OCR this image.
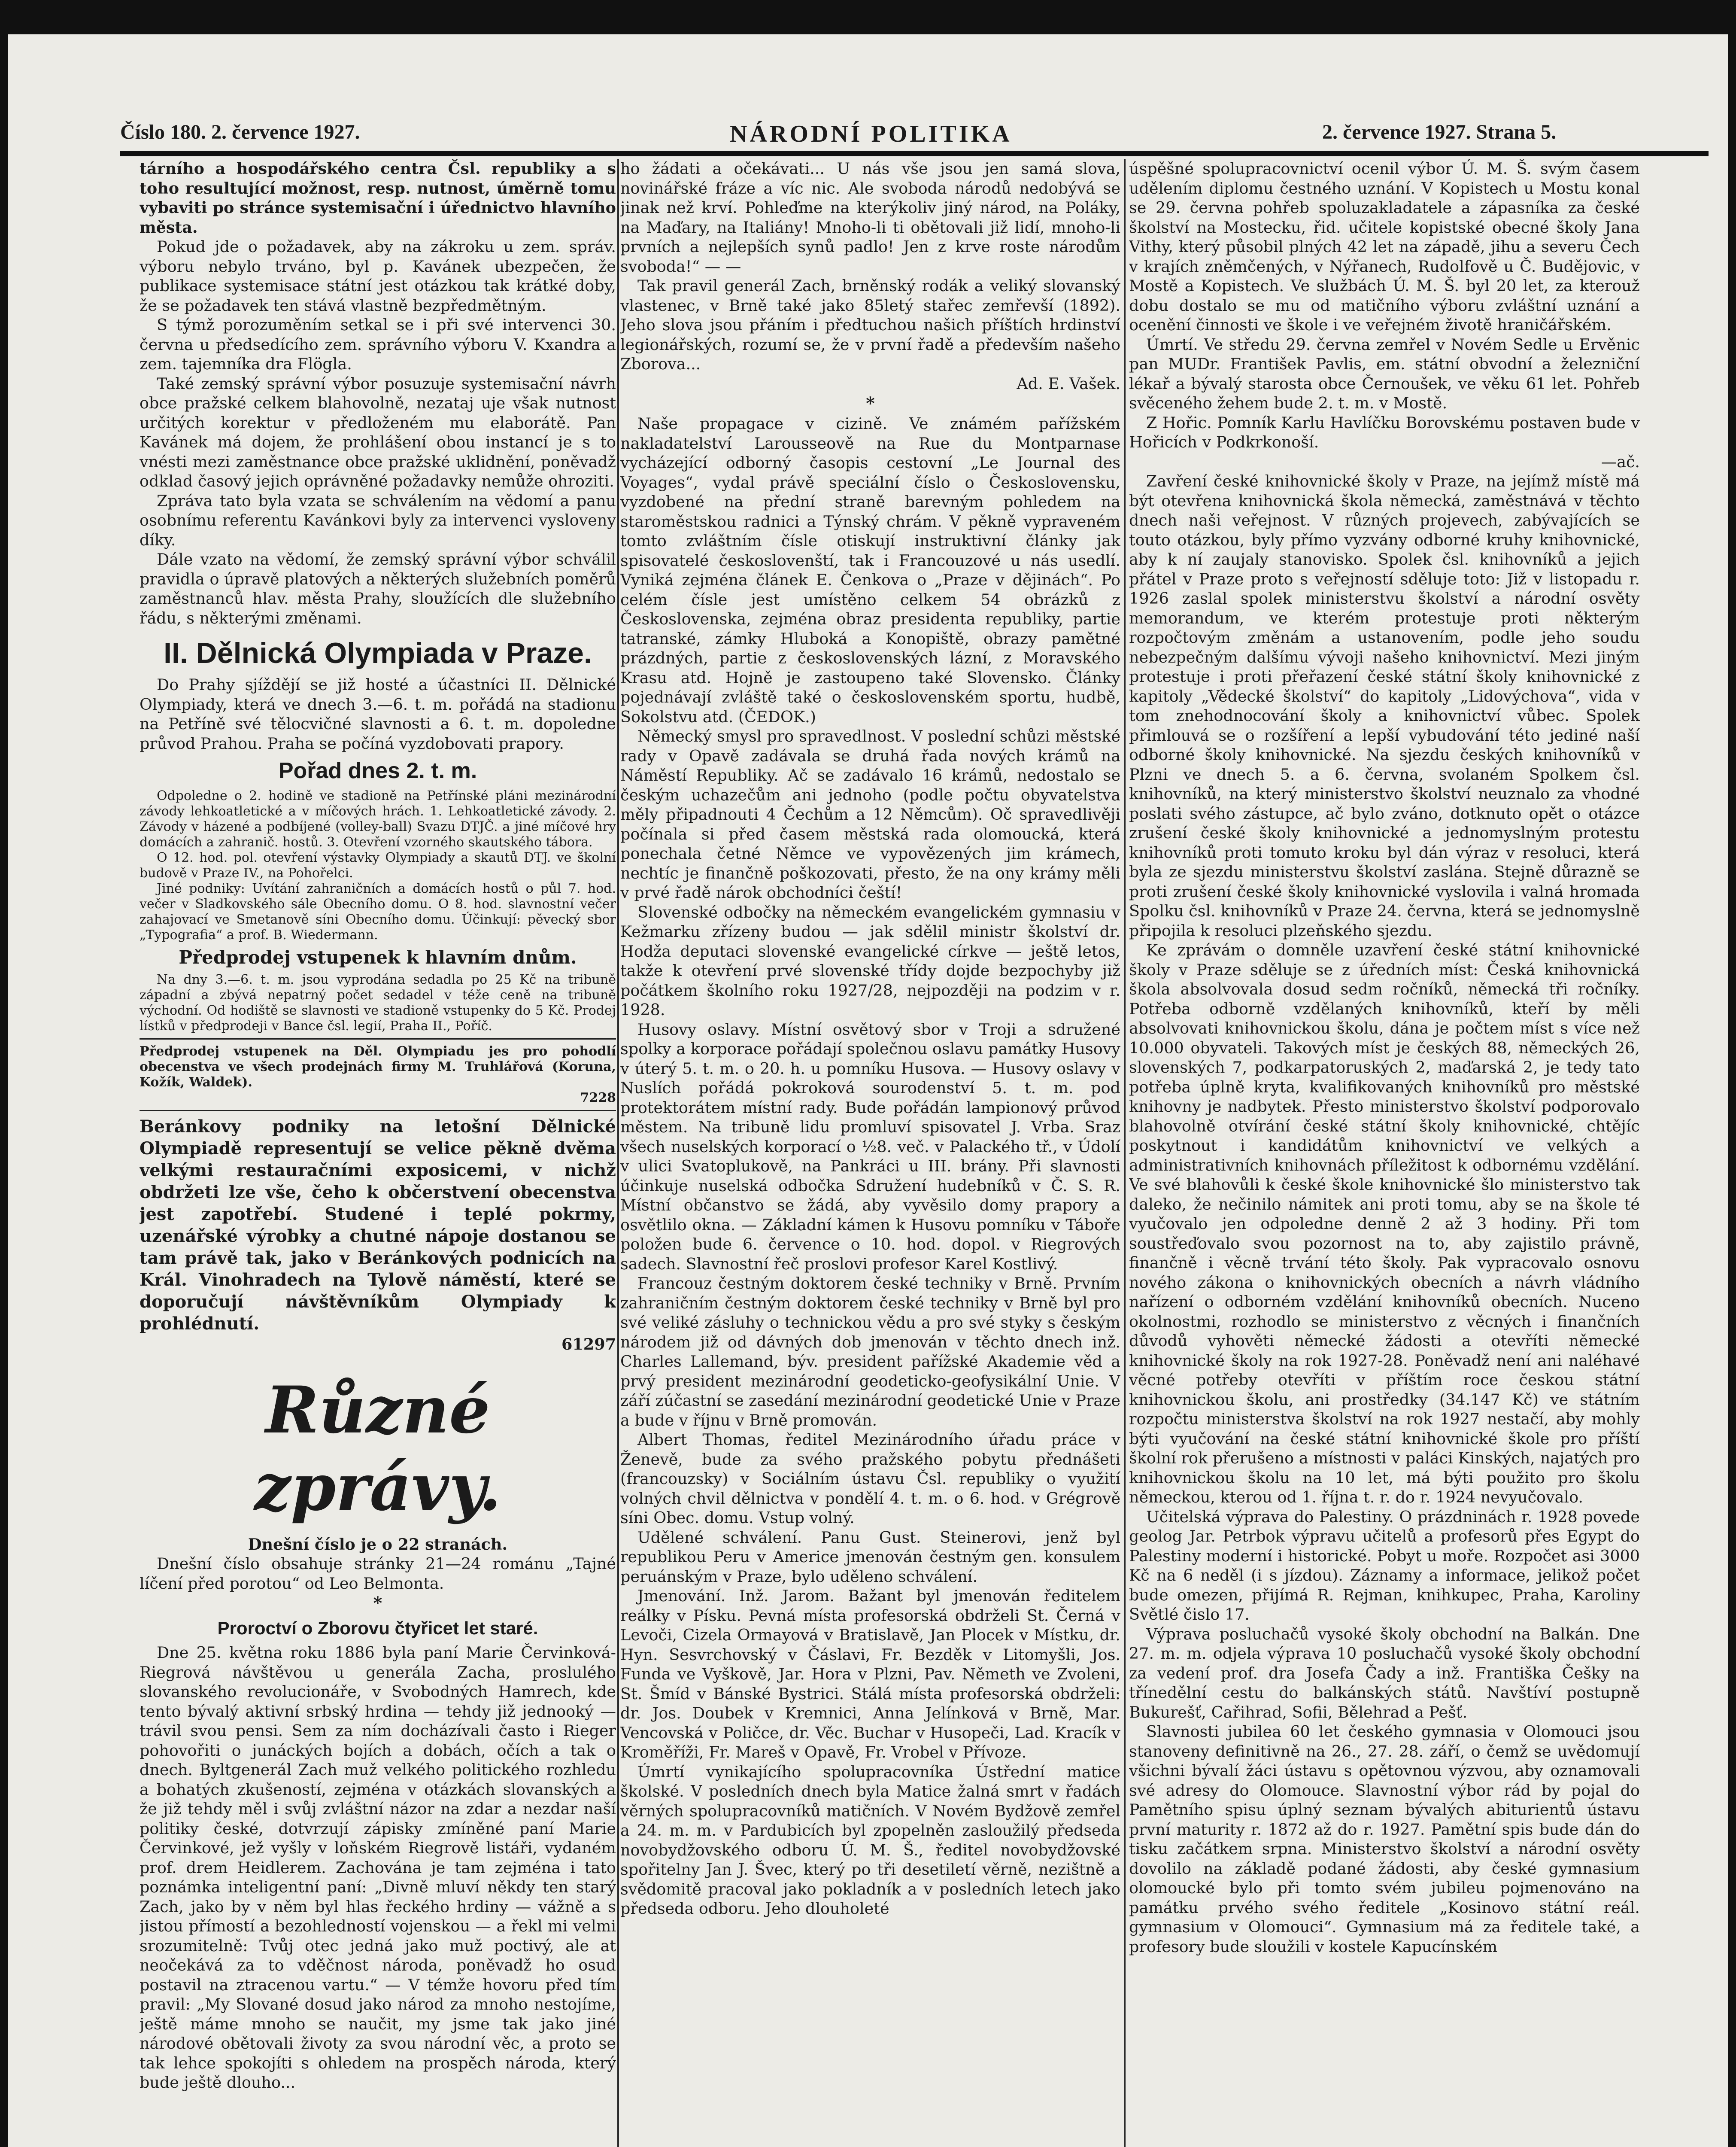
Číslo 180. 2. července 1927.	NÁRODNÍ POLITIKA	2. července 1927. Strana 5.

tárního a hospodářského centra Čsl. republiky a s toho resultující možnost, resp. nutnost, úměrně tomu vybaviti po stránce systemisační i úřednictvo hlavního města.

Pokud jde o požadavek, aby na zákroku u zem. správ. výboru nebylo trváno, byl p. Kavánek ubezpečen, že publikace systemisace státní jest otázkou tak krátké doby, že se požadavek ten stává vlastně bezpředmětným.

S týmž porozuměním setkal se i při své intervenci 30. června u předsedícího zem. správního výboru V. Kxandra a zem. tajemníka dra Flögla.

Také zemský správní výbor posuzuje systemisační návrh obce pražské celkem blahovolně, nezataj uje však nutnost určitých korektur v předloženém mu elaborátě. Pan Kavánek má dojem, že prohlášení obou instancí je s to vnésti mezi zaměstnance obce pražské uklidnění, poněvadž odklad časový jejich oprávněné požadavky nemůže ohroziti.

Zpráva tato byla vzata se schválením na vědomí a panu osobnímu referentu Kavánkovi byly za intervenci vysloveny díky.

Dále vzato na vědomí, že zemský správní výbor schválil pravidla o úpravě platových a některých služebních poměrů zaměstnanců hlav. města Prahy, sloužících dle služebního řádu, s některými změnami.

II. Dělnická Olympiada v Praze.

Do Prahy sjíždějí se již hosté a účastníci II. Dělnické Olympiady, která ve dnech 3.—6. t. m. pořádá na stadionu na Petříně své tělocvičné slavnosti a 6. t. m. dopoledne průvod Prahou. Praha se počíná vyzdobovati prapory.

Pořad dnes 2. t. m.

Odpoledne o 2. hodině ve stadioně na Petřínské pláni mezinárodní závody lehkoatletické a v míčových hrách. 1. Lehkoatletické závody. 2. Závody v házené a podbíjené (volley-ball) Svazu DTJČ. a jiné míčové hry domácích a zahranič. hostů. 3. Otevření vzorného skautského tábora.

O 12. hod. pol. otevření výstavky Olympiady a skautů DTJ. ve školní budově v Praze IV., na Pohořelci.

Jiné podniky: Uvítání zahraničních a domácích hostů o půl 7. hod. večer v Sladkovského sále Obecního domu. O 8. hod. slavnostní večer zahajovací ve Smetanově síni Obecního domu. Účinkují: pěvecký sbor „Typografia“ a prof. B. Wiedermann.

Předprodej vstupenek k hlavním dnům.

Na dny 3.—6. t. m. jsou vyprodána sedadla po 25 Kč na tribuně západní a zbývá nepatrný počet sedadel v téže ceně na tribuně východní. Od hodiště se slavnosti ve stadioně vstupenky do 5 Kč. Prodej lístků v předprodeji v Bance čsl. legií, Praha II., Poříč.

Předprodej vstupenek na Děl. Olympiadu jes pro pohodlí obecenstva ve všech prodejnách firmy M. Truhlářová (Koruna, Kožík, Waldek).

7228

Beránkovy podniky na letošní Dělnické Olympiadě representují se velice pěkně dvěma velkými restauračními exposicemi, v nichž obdržeti lze vše, čeho k občerstvení obecenstva jest zapotřebí. Studené i teplé pokrmy, uzenářské výrobky a chutné nápoje dostanou se tam právě tak, jako v Beránkových podnicích na Král. Vinohradech na Tylově náměstí, které se doporučují návštěvníkům Olympiady k prohlédnutí.

61297

Různé zprávy.

Dnešní číslo je o 22 stranách.

Dnešní číslo obsahuje stránky 21—24 románu „Tajné líčení před porotou“ od Leo Belmonta.

*

Proroctví o Zborovu čtyřicet let staré.

Dne 25. května roku 1886 byla paní Marie Červinková-Riegrová návštěvou u generála Zacha, proslulého slovanského revolucionáře, v Svobodných Hamrech, kde tento bývalý aktivní srbský hrdina — tehdy již jednooký — trávil svou pensi. Sem za ním docházívali často i Rieger pohovořiti o junáckých bojích a dobách, očích a tak o dnech. Byltgenerál Zach muž velkého politického rozhledu a bohatých zkušeností, zejména v otázkách slovanských a že již tehdy měl i svůj zvláštní názor na zdar a nezdar naší politiky české, dotvrzují zápisky zmíněné paní Marie Červinkové, jež vyšly v loňském Riegrově listáři, vydaném prof. drem Heidlerem. Zachována je tam zejména i tato poznámka inteligentní paní: „Divně mluví někdy ten starý Zach, jako by v něm byl hlas řeckého hrdiny — vážně a s jistou přímostí a bezohledností vojenskou — a řekl mi velmi srozumitelně: Tvůj otec jedná jako muž poctivý, ale at neočekává za to vděčnost národa, poněvadž ho osud postavil na ztracenou vartu.“ — V témže hovoru před tím pravil: „My Slované dosud jako národ za mnoho nestojíme, ještě máme mnoho se naučit, my jsme tak jako jiné národové obětovali životy za svou národní věc, a proto se tak lehce spokojíti s ohledem na prospěch národa, který bude ještě dlouho...

ho žádati a očekávati... U nás vše jsou jen samá slova, novinářské fráze a víc nic. Ale svoboda národů nedobývá se jinak než krví. Pohleďme na kterýkoliv jiný národ, na Poláky, na Maďary, na Italiány! Mnoho-li ti obětovali již lidí, mnoho-li prvních a nejlepších synů padlo! Jen z krve roste národům svoboda!“ — —

Tak pravil generál Zach, brněnský rodák a veliký slovanský vlastenec, v Brně také jako 85letý stařec zemřevší (1892). Jeho slova jsou přáním i předtuchou našich příštích hrdinství legionářských, rozumí se, že v první řadě a především našeho Zborova...

Ad. E. Vašek.

*

Naše propagace v cizině. Ve známém pařížském nakladatelství Larousseově na Rue du Montparnase vycházející odborný časopis cestovní „Le Journal des Voyages“, vydal právě speciální číslo o Československu, vyzdobené na přední straně barevným pohledem na staroměstskou radnici a Týnský chrám. V pěkně vypraveném tomto zvláštním čísle otiskují instruktivní články jak spisovatelé českoslovenští, tak i Francouzové u nás usedlí. Vyniká zejména článek E. Čenkova o „Praze v dějinách“. Po celém čísle jest umístěno celkem 54 obrázků z Československa, zejména obraz presidenta republiky, partie tatranské, zámky Hluboká a Konopiště, obrazy pamětné prázdných, partie z československých lázní, z Moravského Krasu atd. Hojně je zastoupeno také Slovensko. Články pojednávají zvláště také o československém sportu, hudbě, Sokolstvu atd. (ČEDOK.)

Německý smysl pro spravedlnost. V poslední schůzi městské rady v Opavě zadávala se druhá řada nových krámů na Náměstí Republiky. Ač se zadávalo 16 krámů, nedostalo se českým uchazečům ani jednoho (podle počtu obyvatelstva měly připadnouti 4 Čechům a 12 Němcům). Oč spravedlivěji počínala si před časem městská rada olomoucká, která ponechala četné Němce ve vypovězených jim krámech, nechtíc je finančně poškozovati, přesto, že na ony krámy měli v prvé řadě nárok obchodníci čeští!

Slovenské odbočky na německém evangelickém gymnasiu v Kežmarku zřízeny budou — jak sdělil ministr školství dr. Hodža deputaci slovenské evangelické církve — ještě letos, takže k otevření prvé slovenské třídy dojde bezpochyby již počátkem školního roku 1927/28, nejpozději na podzim v r. 1928.

Husovy oslavy. Místní osvětový sbor v Troji a sdružené spolky a korporace pořádají společnou oslavu památky Husovy v úterý 5. t. m. o 20. h. u pomníku Husova. — Husovy oslavy v Nuslích pořádá pokroková sourodenství 5. t. m. pod protektorátem místní rady. Bude pořádán lampionový průvod městem. Na tribuně lidu promluví spisovatel J. Vrba. Sraz všech nuselských korporací o ½8. več. v Palackého tř., v Údolí v ulici Svatoplukově, na Pankráci u III. brány. Při slavnosti účinkuje nuselská odbočka Sdružení hudebníků v Č. S. R. Místní občanstvo se žádá, aby vyvěsilo domy prapory a osvětlilo okna. — Základní kámen k Husovu pomníku v Táboře položen bude 6. července o 10. hod. dopol. v Riegrových sadech. Slavnostní řeč proslovi profesor Karel Kostlivý.

Francouz čestným doktorem české techniky v Brně. Prvním zahraničním čestným doktorem české techniky v Brně byl pro své veliké zásluhy o technickou vědu a pro své styky s českým národem již od dávných dob jmenován v těchto dnech inž. Charles Lallemand, býv. president pařížské Akademie věd a prvý president mezinárodní geodeticko-geofysikální Unie. V září zúčastní se zasedání mezinárodní geodetické Unie v Praze a bude v říjnu v Brně promován.

Albert Thomas, ředitel Mezinárodního úřadu práce v Ženevě, bude za svého pražského pobytu přednášeti (francouzsky) v Sociálním ústavu Čsl. republiky o využití volných chvil dělnictva v pondělí 4. t. m. o 6. hod. v Grégrově síni Obec. domu. Vstup volný.

Udělené schválení. Panu Gust. Steinerovi, jenž byl republikou Peru v Americe jmenován čestným gen. konsulem peruánským v Praze, bylo uděleno schválení.

Jmenování. Inž. Jarom. Bažant byl jmenován ředitelem reálky v Písku. Pevná místa profesorská obdrželi St. Černá v Levoči, Cizela Ormayová v Bratislavě, Jan Plocek v Místku, dr. Hyn. Sesvrchovský v Čáslavi, Fr. Bezděk v Litomyšli, Jos. Funda ve Vyškově, Jar. Hora v Plzni, Pav. Němeth ve Zvoleni, St. Šmíd v Bánské Bystrici. Stálá místa profesorská obdrželi: dr. Jos. Doubek v Kremnici, Anna Jelínková v Brně, Mar. Vencovská v Poličce, dr. Věc. Buchar v Husopeči, Lad. Kracík v Kroměříži, Fr. Mareš v Opavě, Fr. Vrobel v Přívoze.

Úmrtí vynikajícího spolupracovníka Ústřední matice školské. V posledních dnech byla Matice žalná smrt v řadách věrných spolupracovníků matičních. V Novém Bydžově zemřel a 24. m. m. v Pardubicích byl zpopelněn zasloužilý předseda novobydžovského odboru Ú. M. Š., ředitel novobydžovské spořitelny Jan J. Švec, který po tři desetiletí věrně, nezištně a svědomitě pracoval jako pokladník a v posledních letech jako předseda odboru. Jeho dlouholeté

úspěšné spolupracovnictví ocenil výbor Ú. M. Š. svým časem udělením diplomu čestného uznání. V Kopistech u Mostu konal se 29. června pohřeb spoluzakladatele a zápasníka za české školství na Mostecku, řid. učitele kopistské obecné školy Jana Vithy, který působil plných 42 let na západě, jihu a severu Čech v krajích zněmčených, v Nýřanech, Rudolfově u Č. Budějovic, v Mostě a Kopistech. Ve službách Ú. M. Š. byl 20 let, za kterouž dobu dostalo se mu od matičního výboru zvláštní uznání a ocenění činnosti ve škole i ve veřejném životě hraničářském.

Úmrtí. Ve středu 29. června zemřel v Novém Sedle u Ervěnic pan MUDr. František Pavlis, em. státní obvodní a železniční lékař a bývalý starosta obce Černoušek, ve věku 61 let. Pohřeb svěceného žehem bude 2. t. m. v Mostě.

Z Hořic. Pomník Karlu Havlíčku Borovskému postaven bude v Hořicích v Podkrkonoší.

—ač.

Zavření české knihovnické školy v Praze, na jejímž místě má být otevřena knihovnická škola německá, zaměstnává v těchto dnech naši veřejnost. V různých projevech, zabývajících se touto otázkou, byly přímo vyzvány odborné kruhy knihovnické, aby k ní zaujaly stanovisko. Spolek čsl. knihovníků a jejich přátel v Praze proto s veřejností sděluje toto: Již v listopadu r. 1926 zaslal spolek ministerstvu školství a národní osvěty memorandum, ve kterém protestuje proti některým rozpočtovým změnám a ustanovením, podle jeho soudu nebezpečným dalšímu vývoji našeho knihovnictví. Mezi jiným protestuje i proti přeřazení české státní školy knihovnické z kapitoly „Vědecké školství“ do kapitoly „Lidovýchova“, vida v tom znehodnocování školy a knihovnictví vůbec. Spolek přimlouvá se o rozšíření a lepší vybudování této jediné naší odborné školy knihovnické. Na sjezdu českých knihovníků v Plzni ve dnech 5. a 6. června, svolaném Spolkem čsl. knihovníků, na který ministerstvo školství neuznalo za vhodné poslati svého zástupce, ač bylo zváno, dotknuto opět o otázce zrušení české školy knihovnické a jednomyslným protestu knihovníků proti tomuto kroku byl dán výraz v resoluci, která byla ze sjezdu ministerstvu školství zaslána. Stejně důrazně se proti zrušení české školy knihovnické vyslovila i valná hromada Spolku čsl. knihovníků v Praze 24. června, která se jednomyslně připojila k resoluci plzeňského sjezdu.

Ke zprávám o domněle uzavření české státní knihovnické školy v Praze sděluje se z úředních míst: Česká knihovnická škola absolvovala dosud sedm ročníků, německá tři ročníky. Potřeba odborně vzdělaných knihovníků, kteří by měli absolvovati knihovnickou školu, dána je počtem míst s více než 10.000 obyvateli. Takových míst je českých 88, německých 26, slovenských 7, podkarpatoruských 2, maďarská 2, je tedy tato potřeba úplně kryta, kvalifikovaných knihovníků pro městské knihovny je nadbytek. Přesto ministerstvo školství podporovalo blahovolně otvírání české státní školy knihovnické, chtějíc poskytnout i kandidátům knihovnictví ve velkých a administrativních knihovnách příležitost k odbornému vzdělání. Ve své blahovůli k české škole knihovnické šlo ministerstvo tak daleko, že nečinilo námitek ani proti tomu, aby se na škole té vyučovalo jen odpoledne denně 2 až 3 hodiny. Při tom soustřeďovalo svou pozornost na to, aby zajistilo právně, finančně i věcně trvání této školy. Pak vypracovalo osnovu nového zákona o knihovnických obecních a návrh vládního nařízení o odborném vzdělání knihovníků obecních. Nuceno okolnostmi, rozhodlo se ministerstvo z věcných i finančních důvodů vyhověti německé žádosti a otevříti německé knihovnické školy na rok 1927-28. Poněvadž není ani naléhavé věcné potřeby otevříti v příštím roce českou státní knihovnickou školu, ani prostředky (34.147 Kč) ve státním rozpočtu ministerstva školství na rok 1927 nestačí, aby mohly býti vyučování na české státní knihovnické škole pro příští školní rok přerušeno a místnosti v paláci Kinských, najatých pro knihovnickou školu na 10 let, má býti použito pro školu německou, kterou od 1. října t. r. do r. 1924 nevyučovalo.

Učitelská výprava do Palestiny. O prázdninách r. 1928 povede geolog Jar. Petrbok výpravu učitelů a profesorů přes Egypt do Palestiny moderní i historické. Pobyt u moře. Rozpočet asi 3000 Kč na 6 neděl (i s jízdou). Záznamy a informace, jelikož počet bude omezen, přijímá R. Rejman, knihkupec, Praha, Karoliny Světlé čislo 17.

Výprava posluchačů vysoké školy obchodní na Balkán. Dne 27. m. m. odjela výprava 10 posluchačů vysoké školy obchodní za vedení prof. dra Josefa Čady a inž. Františka Češky na třínedělní cestu do balkánských států. Navštíví postupně Bukurešť, Cařihrad, Sofii, Bělehrad a Pešť.

Slavnosti jubilea 60 let českého gymnasia v Olomouci jsou stanoveny definitivně na 26., 27. 28. září, o čemž se uvědomují všichni bývalí žáci ústavu s opětovnou výzvou, aby oznamovali své adresy do Olomouce. Slavnostní výbor rád by pojal do Pamětního spisu úplný seznam bývalých abiturientů ústavu první maturity r. 1872 až do r. 1927. Pamětní spis bude dán do tisku začátkem srpna. Ministerstvo školství a národní osvěty dovolilo na základě podané žádosti, aby české gymnasium olomoucké bylo při tomto svém jubileu pojmenováno na památku prvého svého ředitele „Kosinovo státní reál. gymnasium v Olomouci“. Gymnasium má za ředitele také, a profesory bude sloužili v kostele Kapucínském
